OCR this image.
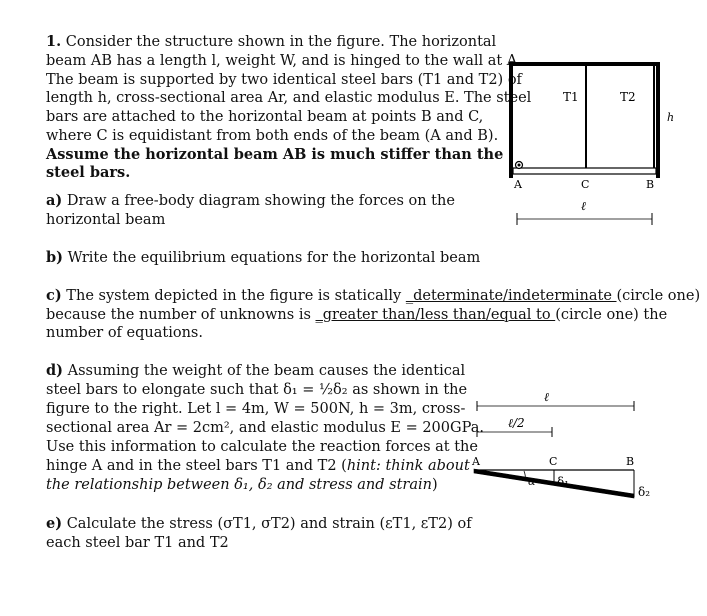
1. Consider the structure shown in the figure. The horizontal
beam AB has a length l, weight W, and is hinged to the wall at A.
The beam is supported by two identical steel bars (T1 and T2) of
length h, cross-sectional area Ar, and elastic modulus E. The steel
bars are attached to the horizontal beam at points B and C,
where C is equidistant from both ends of the beam (A and B).
Assume the horizontal beam AB is much stiffer than the
steel bars.
a) Draw a free-body diagram showing the forces on the
horizontal beam
b) Write the equilibrium equations for the horizontal beam
c) The system depicted in the figure is statically _determinate/indeterminate (circle one)
because the number of unknowns is _greater than/less than/equal to (circle one) the
number of equations.
d) Assuming the weight of the beam causes the identical
steel bars to elongate such that δ₁ = ½δ₂ as shown in the
figure to the right. Let l = 4m, W = 500N, h = 3m, cross-
sectional area Ar = 2cm², and elastic modulus E = 200GPa.
Use this information to calculate the reaction forces at the
hinge A and in the steel bars T1 and T2 (hint: think about
the relationship between δ₁, δ₂ and stress and strain)
e) Calculate the stress (σT1, σT2) and strain (εT1, εT2) of
each steel bar T1 and T2
T1	T2
h
A	C	B
ℓ
ℓ
ℓ/2
A	C	B
α δ₁
δ₂
